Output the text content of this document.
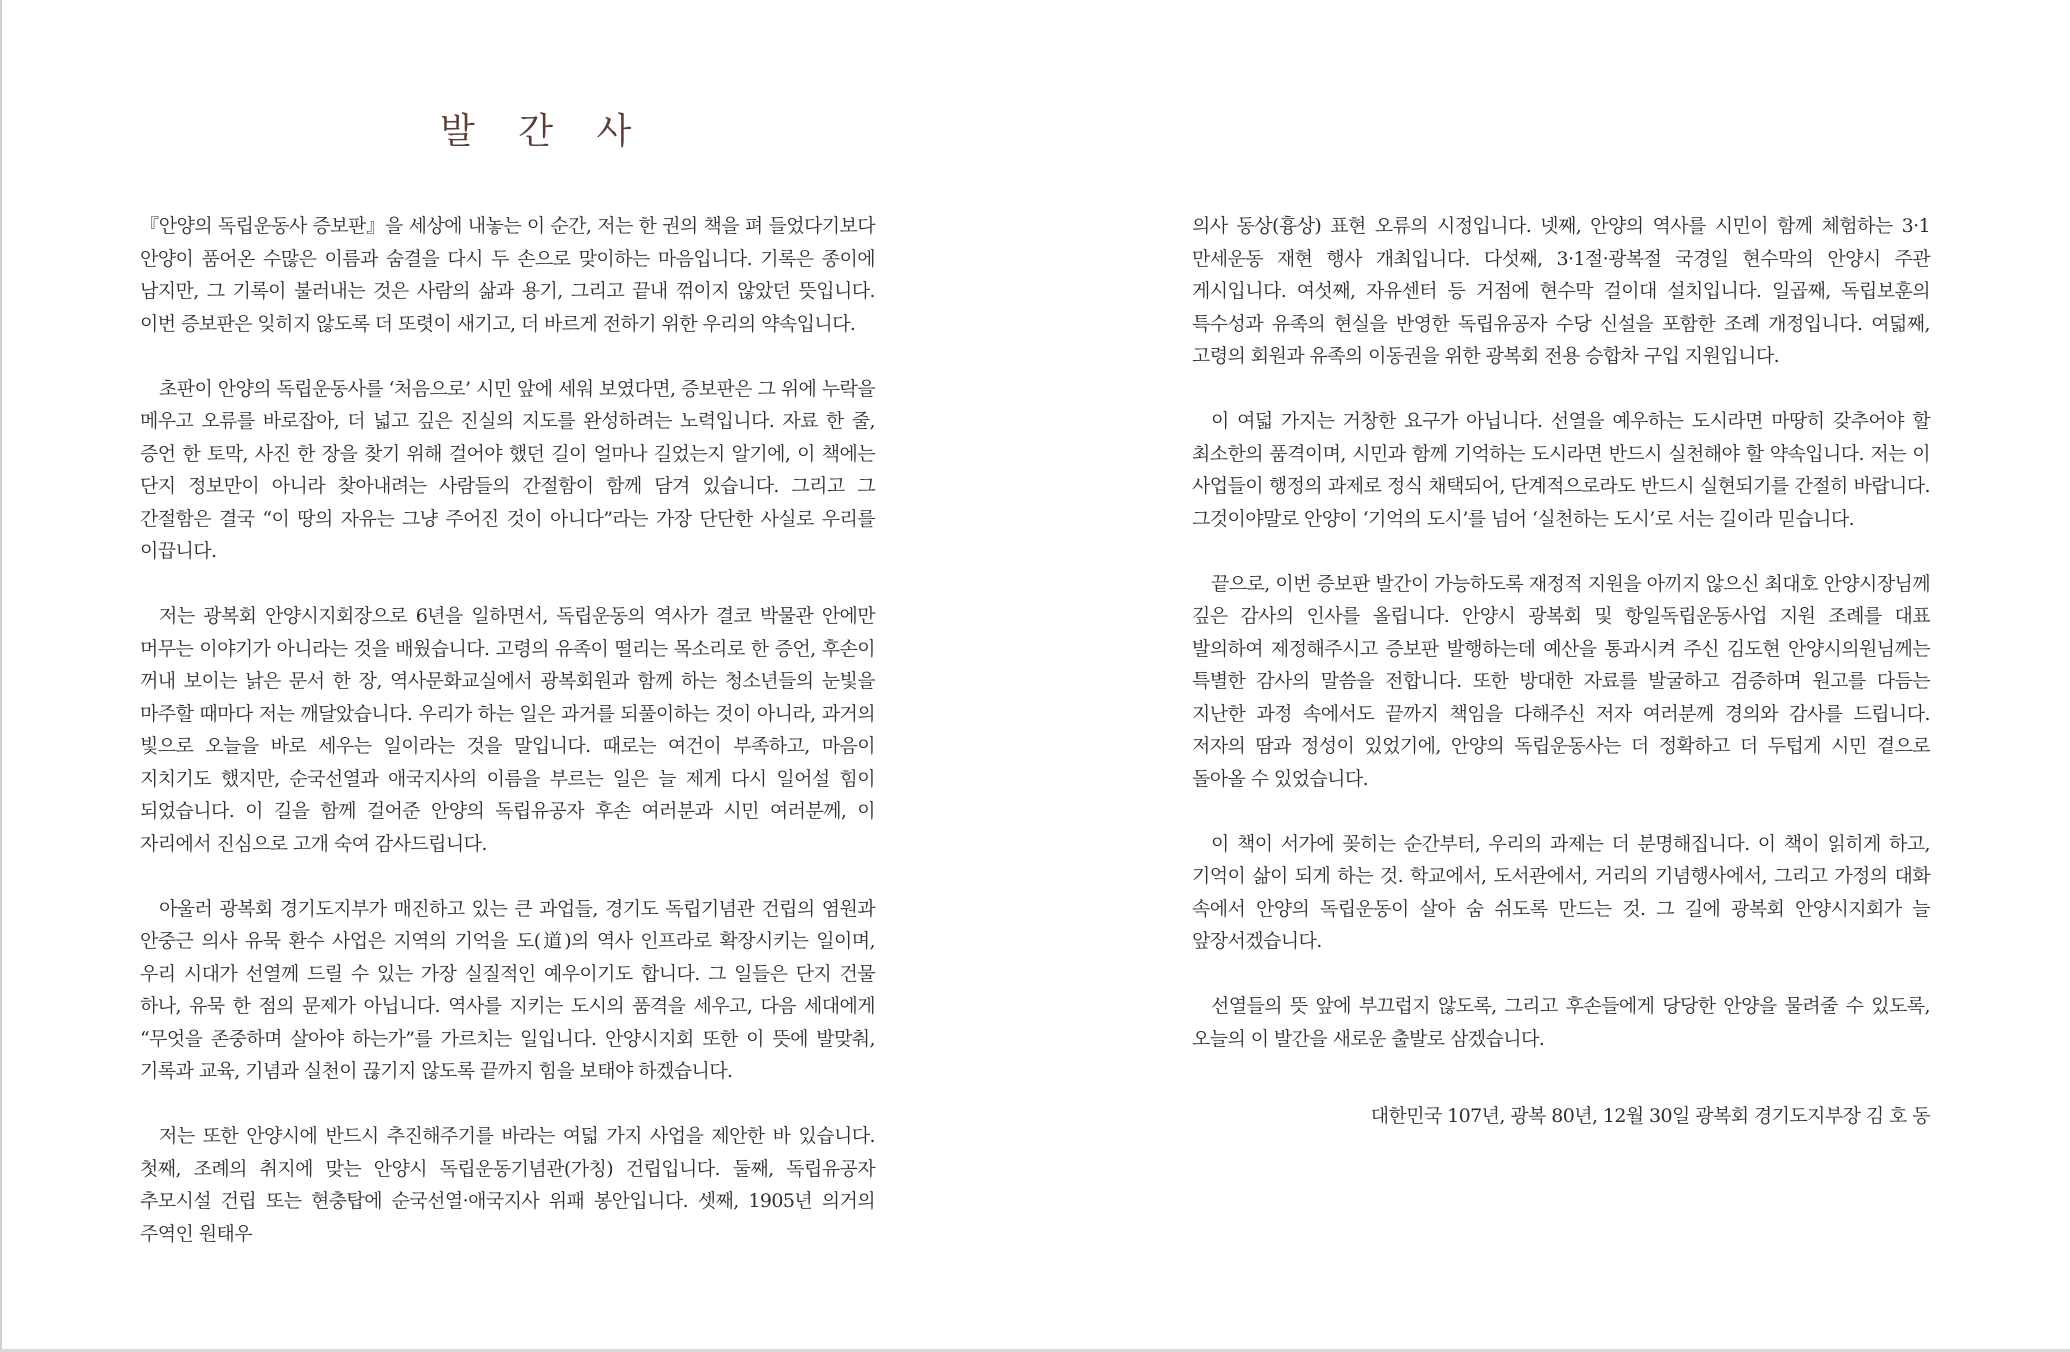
발 간 사

『안양의 독립운동사 증보판』을 세상에 내놓는 이 순간, 저는 한 권의 책을 펴 들었다기보다 안양이 품어온 수많은 이름과 숨결을 다시 두 손으로 맞이하는 마음입니다. 기록은 종이에 남지만, 그 기록이 불러내는 것은 사람의 삶과 용기, 그리고 끝내 꺾이지 않았던 뜻입니다. 이번 증보판은 잊히지 않도록 더 또렷이 새기고, 더 바르게 전하기 위한 우리의 약속입니다.

초판이 안양의 독립운동사를 ‘처음으로’ 시민 앞에 세워 보였다면, 증보판은 그 위에 누락을 메우고 오류를 바로잡아, 더 넓고 깊은 진실의 지도를 완성하려는 노력입니다. 자료 한 줄, 증언 한 토막, 사진 한 장을 찾기 위해 걸어야 했던 길이 얼마나 길었는지 알기에, 이 책에는 단지 정보만이 아니라 찾아내려는 사람들의 간절함이 함께 담겨 있습니다. 그리고 그 간절함은 결국 “이 땅의 자유는 그냥 주어진 것이 아니다”라는 가장 단단한 사실로 우리를 이끕니다.

저는 광복회 안양시지회장으로 6년을 일하면서, 독립운동의 역사가 결코 박물관 안에만 머무는 이야기가 아니라는 것을 배웠습니다. 고령의 유족이 떨리는 목소리로 한 증언, 후손이 꺼내 보이는 낡은 문서 한 장, 역사문화교실에서 광복회원과 함께 하는 청소년들의 눈빛을 마주할 때마다 저는 깨달았습니다. 우리가 하는 일은 과거를 되풀이하는 것이 아니라, 과거의 빛으로 오늘을 바로 세우는 일이라는 것을 말입니다. 때로는 여건이 부족하고, 마음이 지치기도 했지만, 순국선열과 애국지사의 이름을 부르는 일은 늘 제게 다시 일어설 힘이 되었습니다. 이 길을 함께 걸어준 안양의 독립유공자 후손 여러분과 시민 여러분께, 이 자리에서 진심으로 고개 숙여 감사드립니다.

아울러 광복회 경기도지부가 매진하고 있는 큰 과업들, 경기도 독립기념관 건립의 염원과 안중근 의사 유묵 환수 사업은 지역의 기억을 도(道)의 역사 인프라로 확장시키는 일이며, 우리 시대가 선열께 드릴 수 있는 가장 실질적인 예우이기도 합니다. 그 일들은 단지 건물 하나, 유묵 한 점의 문제가 아닙니다. 역사를 지키는 도시의 품격을 세우고, 다음 세대에게 “무엇을 존중하며 살아야 하는가”를 가르치는 일입니다. 안양시지회 또한 이 뜻에 발맞춰, 기록과 교육, 기념과 실천이 끊기지 않도록 끝까지 힘을 보태야 하겠습니다.

저는 또한 안양시에 반드시 추진해주기를 바라는 여덟 가지 사업을 제안한 바 있습니다. 첫째, 조례의 취지에 맞는 안양시 독립운동기념관(가칭) 건립입니다. 둘째, 독립유공자 추모시설 건립 또는 현충탑에 순국선열·애국지사 위패 봉안입니다. 셋째, 1905년 의거의 주역인 원태우

의사 동상(흉상) 표현 오류의 시정입니다. 넷째, 안양의 역사를 시민이 함께 체험하는 3·1 만세운동 재현 행사 개최입니다. 다섯째, 3·1절·광복절 국경일 현수막의 안양시 주관 게시입니다. 여섯째, 자유센터 등 거점에 현수막 걸이대 설치입니다. 일곱째, 독립보훈의 특수성과 유족의 현실을 반영한 독립유공자 수당 신설을 포함한 조례 개정입니다. 여덟째, 고령의 회원과 유족의 이동권을 위한 광복회 전용 승합차 구입 지원입니다.

이 여덟 가지는 거창한 요구가 아닙니다. 선열을 예우하는 도시라면 마땅히 갖추어야 할 최소한의 품격이며, 시민과 함께 기억하는 도시라면 반드시 실천해야 할 약속입니다. 저는 이 사업들이 행정의 과제로 정식 채택되어, 단계적으로라도 반드시 실현되기를 간절히 바랍니다. 그것이야말로 안양이 ‘기억의 도시’를 넘어 ‘실천하는 도시’로 서는 길이라 믿습니다.

끝으로, 이번 증보판 발간이 가능하도록 재정적 지원을 아끼지 않으신 최대호 안양시장님께 깊은 감사의 인사를 올립니다. 안양시 광복회 및 항일독립운동사업 지원 조례를 대표 발의하여 제정해주시고 증보판 발행하는데 예산을 통과시켜 주신 김도현 안양시의원님께는 특별한 감사의 말씀을 전합니다. 또한 방대한 자료를 발굴하고 검증하며 원고를 다듬는 지난한 과정 속에서도 끝까지 책임을 다해주신 저자 여러분께 경의와 감사를 드립니다. 저자의 땀과 정성이 있었기에, 안양의 독립운동사는 더 정확하고 더 두텁게 시민 곁으로 돌아올 수 있었습니다.

이 책이 서가에 꽂히는 순간부터, 우리의 과제는 더 분명해집니다. 이 책이 읽히게 하고, 기억이 삶이 되게 하는 것. 학교에서, 도서관에서, 거리의 기념행사에서, 그리고 가정의 대화 속에서 안양의 독립운동이 살아 숨 쉬도록 만드는 것. 그 길에 광복회 안양시지회가 늘 앞장서겠습니다.

선열들의 뜻 앞에 부끄럽지 않도록, 그리고 후손들에게 당당한 안양을 물려줄 수 있도록, 오늘의 이 발간을 새로운 출발로 삼겠습니다.

대한민국 107년, 광복 80년, 12월 30일 광복회 경기도지부장 김 호 동
